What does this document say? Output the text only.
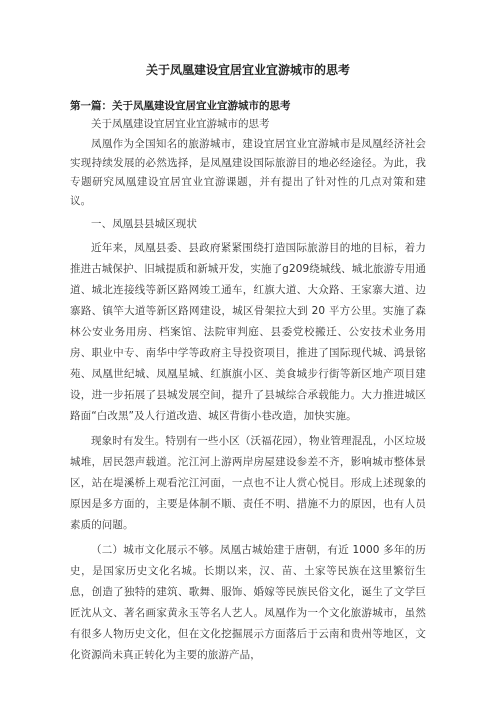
关于凤凰建设宜居宜业宜游城市的思考
第一篇：关于凤凰建设宜居宜业宜游城市的思考
关于凤凰建设宜居宜业宜游城市的思考

凤凰作为全国知名的旅游城市，建设宜居宜业宜游城市是凤凰经济社会实现持续发展的必然选择，是凤凰建设国际旅游目的地必经途径。为此，我专题研究凤凰建设宜居宜业宜游课题，并有提出了针对性的几点对策和建议。

一、凤凰县县城区现状

近年来，凤凰县委、县政府紧紧围绕打造国际旅游目的地的目标，着力推进古城保护、旧城提质和新城开发，实施了g209绕城线、城北旅游专用通道、城北连接线等新区路网竣工通车，红旗大道、大众路、王家寨大道、边寨路、镇竿大道等新区路网建设，城区骨架拉大到 20 平方公里。实施了森林公安业务用房、档案馆、法院审判庭、县委党校搬迁、公安技术业务用房、职业中专、南华中学等政府主导投资项目，推进了国际现代城、鸿景铭苑、凤凰世纪城、凤凰星城、红旗旗小区、美食城步行街等新区地产项目建设，进一步拓展了县城发展空间，提升了县城综合承载能力。大力推进城区路面“白改黑”及人行道改造、城区背街小巷改造，加快实施。

现象时有发生。特别有一些小区（沃福花园），物业管理混乱，小区垃圾城堆，居民怨声载道。沱江河上游两岸房屋建设参差不齐，影响城市整体景区，站在堤溪桥上观看沱江河面，一点也不让人赏心悦目。形成上述现象的原因是多方面的，主要是体制不顺、责任不明、措施不力的原因，也有人员素质的问题。

（二）城市文化展示不够。凤凰古城始建于唐朝，有近 1000 多年的历史，是国家历史文化名城。长期以来，汉、苗、土家等民族在这里繁衍生息，创造了独特的建筑、歌舞、服饰、婚嫁等民族民俗文化，诞生了文学巨匠沈从文、著名画家黄永玉等名人艺人。凤凰作为一个文化旅游城市，虽然有很多人物历史文化，但在文化挖掘展示方面落后于云南和贵州等地区，文化资源尚未真正转化为主要的旅游产品，
